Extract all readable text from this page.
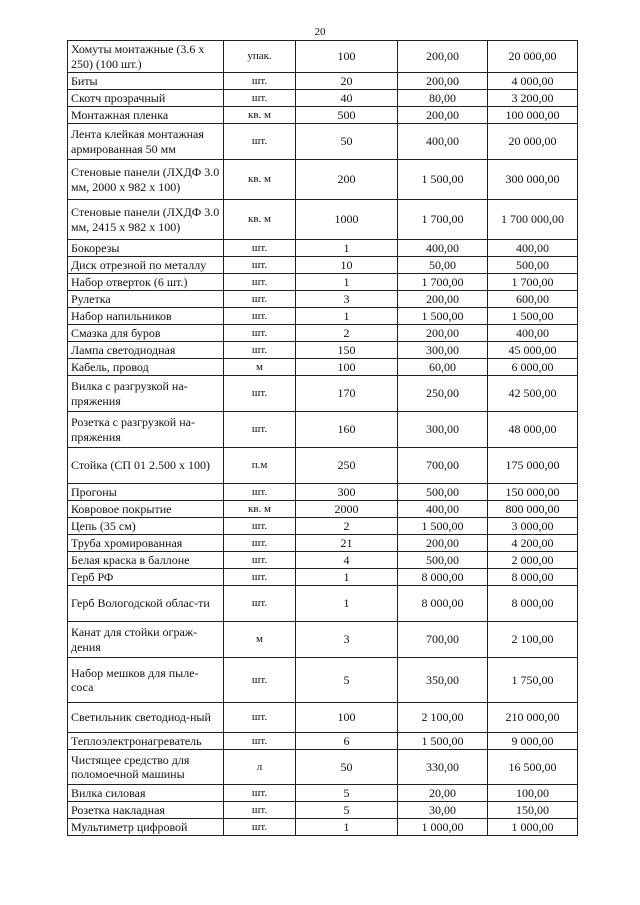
20
Хомуты монтажные (3.6 х 250) (100 шт.)	упак.	100	200,00	20 000,00
Биты	шт.	20	200,00	4 000,00
Скотч прозрачный	шт.	40	80,00	3 200,00
Монтажная пленка	кв. м	500	200,00	100 000,00
Лента клейкая монтажная армированная 50 мм	шт.	50	400,00	20 000,00
Стеновые панели (ЛХДФ 3.0 мм, 2000 х 982 х 100)	кв. м	200	1 500,00	300 000,00
Стеновые панели (ЛХДФ 3.0 мм, 2415 х 982 х 100)	кв. м	1000	1 700,00	1 700 000,00
Бокорезы	шт.	1	400,00	400,00
Диск отрезной по металлу	шт.	10	50,00	500,00
Набор отверток (6 шт.)	шт.	1	1 700,00	1 700,00
Рулетка	шт.	3	200,00	600,00
Набор напильников	шт.	1	1 500,00	1 500,00
Смазка для буров	шт.	2	200,00	400,00
Лампа светодиодная	шт.	150	300,00	45 000,00
Кабель, провод	м	100	60,00	6 000,00
Вилка с разгрузкой на-пряжения	шт.	170	250,00	42 500,00
Розетка с разгрузкой на-пряжения	шт.	160	300,00	48 000,00
Стойка (СП 01 2.500 х 100)	п.м	250	700,00	175 000,00
Прогоны	шт.	300	500,00	150 000,00
Ковровое покрытие	кв. м	2000	400,00	800 000,00
Цепь (35 см)	шт.	2	1 500,00	3 000,00
Труба хромированная	шт.	21	200,00	4 200,00
Белая краска в баллоне	шт.	4	500,00	2 000,00
Герб РФ	шт.	1	8 000,00	8 000,00
Герб Вологодской облас-ти	шт.	1	8 000,00	8 000,00
Канат для стойки ограж-дения	м	3	700,00	2 100,00
Набор мешков для пыле-соса	шт.	5	350,00	1 750,00
Светильник светодиод-ный	шт.	100	2 100,00	210 000,00
Теплоэлектронагреватель	шт.	6	1 500,00	9 000,00
Чистящее средство для поломоечной машины	л	50	330,00	16 500,00
Вилка силовая	шт.	5	20,00	100,00
Розетка накладная	шт.	5	30,00	150,00
Мультиметр цифровой	шт.	1	1 000,00	1 000,00
